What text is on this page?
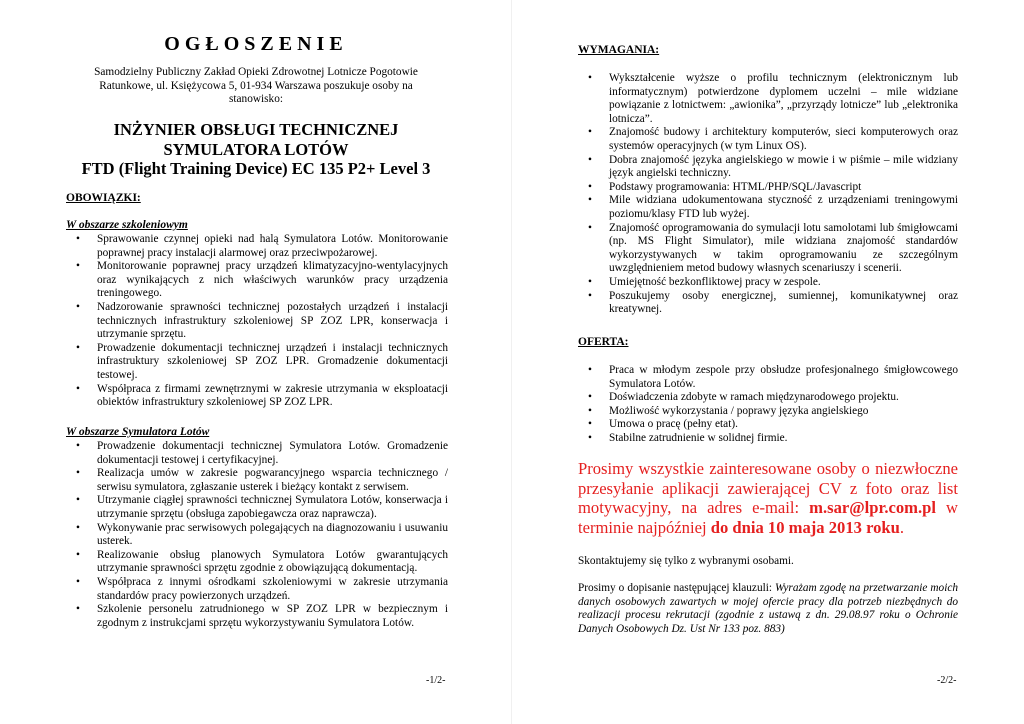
OGŁOSZENIE
Samodzielny Publiczny Zakład Opieki Zdrowotnej Lotnicze Pogotowie Ratunkowe, ul. Księżycowa 5, 01-934 Warszawa poszukuje osoby na stanowisko:
INŻYNIER OBSŁUGI TECHNICZNEJ
SYMULATORA LOTÓW
FTD (Flight Training Device) EC 135 P2+ Level 3
OBOWIĄZKI:
W obszarze szkoleniowym
• Sprawowanie czynnej opieki nad halą Symulatora Lotów. Monitorowanie poprawnej pracy instalacji alarmowej oraz przeciwpożarowej.
• Monitorowanie poprawnej pracy urządzeń klimatyzacyjno-wentylacyjnych oraz wynikających z nich właściwych warunków pracy urządzenia treningowego.
• Nadzorowanie sprawności technicznej pozostałych urządzeń i instalacji technicznych infrastruktury szkoleniowej SP ZOZ LPR, konserwacja i utrzymanie sprzętu.
• Prowadzenie dokumentacji technicznej urządzeń i instalacji technicznych infrastruktury szkoleniowej SP ZOZ LPR. Gromadzenie dokumentacji testowej.
• Współpraca z firmami zewnętrznymi w zakresie utrzymania w eksploatacji obiektów infrastruktury szkoleniowej SP ZOZ LPR.
W obszarze Symulatora Lotów
• Prowadzenie dokumentacji technicznej Symulatora Lotów. Gromadzenie dokumentacji testowej i certyfikacyjnej.
• Realizacja umów w zakresie pogwarancyjnego wsparcia technicznego / serwisu symulatora, zgłaszanie usterek i bieżący kontakt z serwisem.
• Utrzymanie ciągłej sprawności technicznej Symulatora Lotów, konserwacja i utrzymanie sprzętu (obsługa zapobiegawcza oraz naprawcza).
• Wykonywanie prac serwisowych polegających na diagnozowaniu i usuwaniu usterek.
• Realizowanie obsług planowych Symulatora Lotów gwarantujących utrzymanie sprawności sprzętu zgodnie z obowiązującą dokumentacją.
• Współpraca z innymi ośrodkami szkoleniowymi w zakresie utrzymania standardów pracy powierzonych urządzeń.
• Szkolenie personelu zatrudnionego w SP ZOZ LPR w bezpiecznym i zgodnym z instrukcjami sprzętu wykorzystywaniu Symulatora Lotów.
-1/2-
WYMAGANIA:
• Wykształcenie wyższe o profilu technicznym (elektronicznym lub informatycznym) potwierdzone dyplomem uczelni – mile widziane powiązanie z lotnictwem: „awionika”, „przyrządy lotnicze” lub „elektronika lotnicza”.
• Znajomość budowy i architektury komputerów, sieci komputerowych oraz systemów operacyjnych (w tym Linux OS).
• Dobra znajomość języka angielskiego w mowie i w piśmie – mile widziany język angielski techniczny.
• Podstawy programowania: HTML/PHP/SQL/Javascript
• Mile widziana udokumentowana styczność z urządzeniami treningowymi poziomu/klasy FTD lub wyżej.
• Znajomość oprogramowania do symulacji lotu samolotami lub śmigłowcami (np. MS Flight Simulator), mile widziana znajomość standardów wykorzystywanych w takim oprogramowaniu ze szczególnym uwzględnieniem metod budowy własnych scenariuszy i scenerii.
• Umiejętność bezkonfliktowej pracy w zespole.
• Poszukujemy osoby energicznej, sumiennej, komunikatywnej oraz kreatywnej.
OFERTA:
• Praca w młodym zespole przy obsłudze profesjonalnego śmigłowcowego Symulatora Lotów.
• Doświadczenia zdobyte w ramach międzynarodowego projektu.
• Możliwość wykorzystania / poprawy języka angielskiego
• Umowa o pracę (pełny etat).
• Stabilne zatrudnienie w solidnej firmie.
Prosimy wszystkie zainteresowane osoby o niezwłoczne przesyłanie aplikacji zawierającej CV z foto oraz list motywacyjny, na adres e-mail: m.sar@lpr.com.pl w terminie najpóźniej do dnia 10 maja 2013 roku.
Skontaktujemy się tylko z wybranymi osobami.
Prosimy o dopisanie następującej klauzuli: Wyrażam zgodę na przetwarzanie moich danych osobowych zawartych w mojej ofercie pracy dla potrzeb niezbędnych do realizacji procesu rekrutacji (zgodnie z ustawą z dn. 29.08.97 roku o Ochronie Danych Osobowych Dz. Ust Nr 133 poz. 883)
-2/2-
